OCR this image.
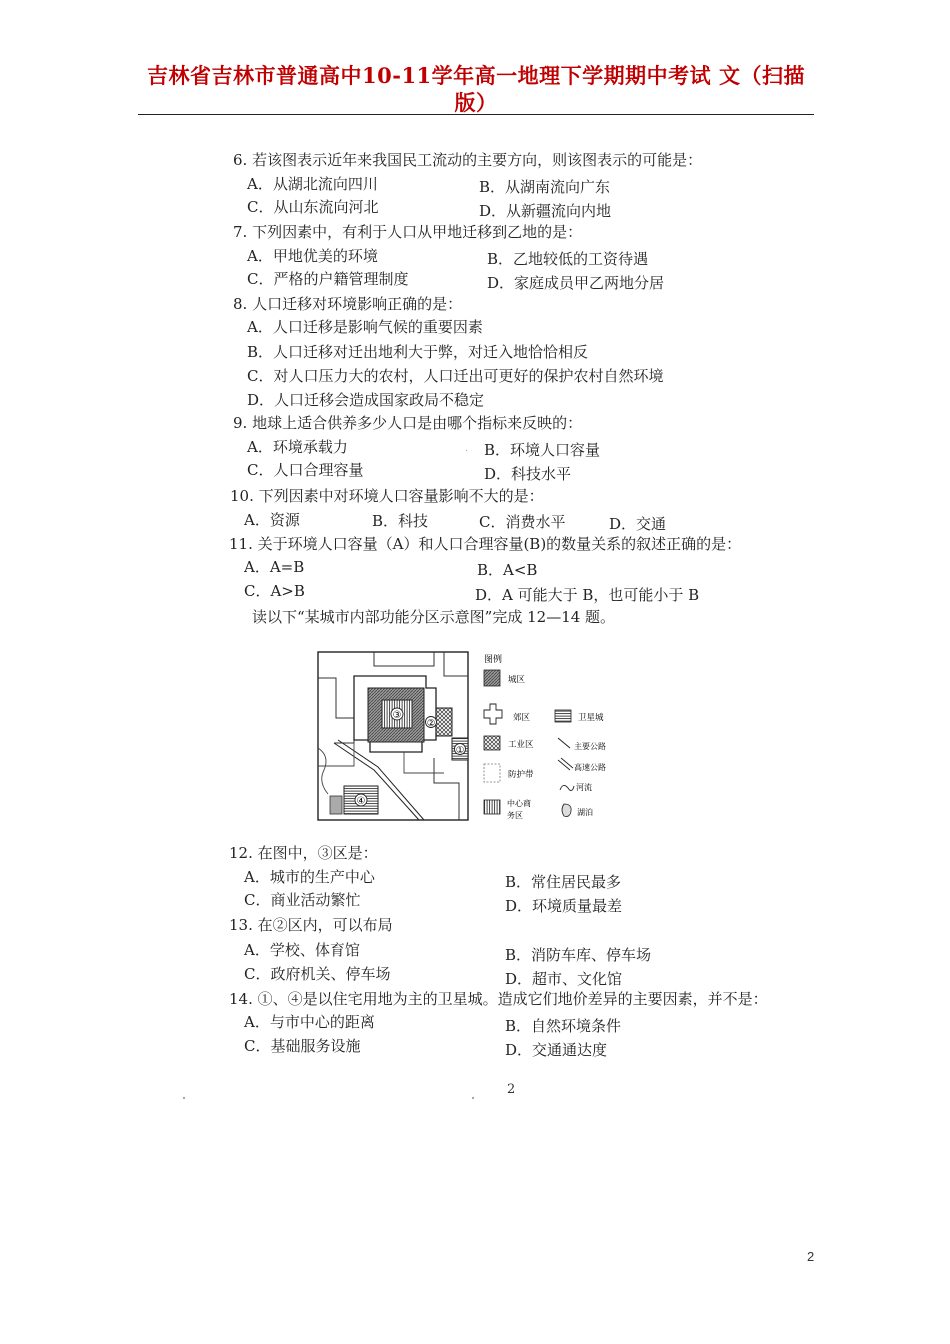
吉林省吉林市普通高中10-11学年高一地理下学期期中考试 文（扫描版）
6. 若该图表示近年来我国民工流动的主要方向，则该图表示的可能是：
A．从湖北流向四川	B．从湖南流向广东
C．从山东流向河北	D．从新疆流向内地
7. 下列因素中，有利于人口从甲地迁移到乙地的是：
A．甲地优美的环境	B．乙地较低的工资待遇
C．严格的户籍管理制度	D．家庭成员甲乙两地分居
8. 人口迁移对环境影响正确的是：
A．人口迁移是影响气候的重要因素
B．人口迁移对迁出地利大于弊，对迁入地恰恰相反
C．对人口压力大的农村，人口迁出可更好的保护农村自然环境
D．人口迁移会造成国家政局不稳定
9. 地球上适合供养多少人口是由哪个指标来反映的：
A．环境承载力	B．环境人口容量
C．人口合理容量	D．科技水平
10. 下列因素中对环境人口容量影响不大的是：
A．资源	B．科技	C．消费水平	D．交通
11. 关于环境人口容量（A）和人口合理容量(B)的数量关系的叙述正确的是：
A．A=B	B．A<B
C．A>B	D．A 可能大于 B，也可能小于 B
读以下“某城市内部功能分区示意图”完成 12—14 题。
③
②
①
④
图例
城区
郊区	卫星城
工业区	主要公路
防护带
高速公路
河流
中心商
务区	湖泊
12. 在图中，③区是：
A．城市的生产中心	B．常住居民最多
C．商业活动繁忙	D．环境质量最差
13. 在②区内，可以布局
A．学校、体育馆	B．消防车库、停车场
C．政府机关、停车场	D．超市、文化馆
14. ①、④是以住宅用地为主的卫星城。造成它们地价差异的主要因素，并不是：
A．与市中心的距离	B．自然环境条件
C．基础服务设施	D．交通通达度
2
2
